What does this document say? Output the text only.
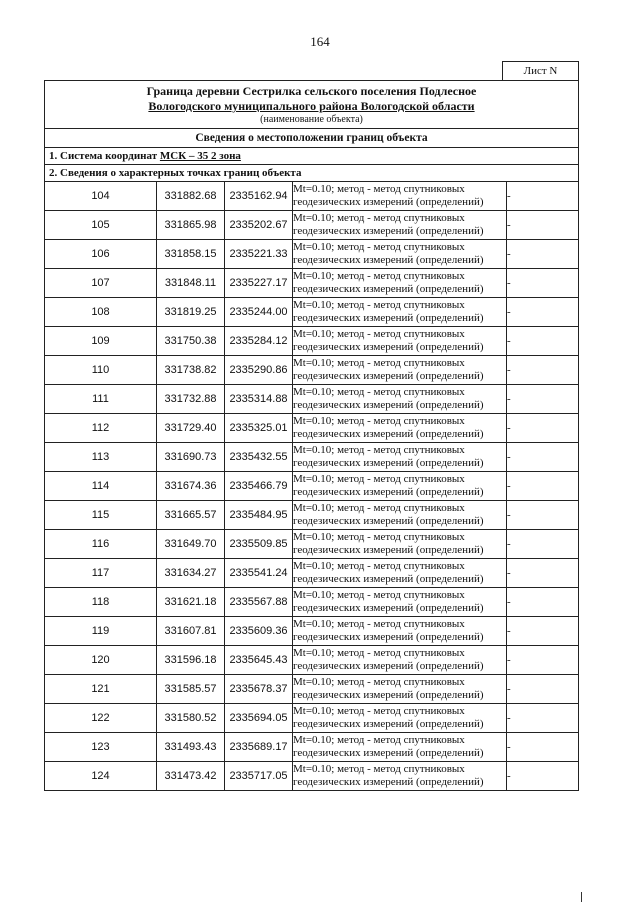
164
Лист N
Граница деревни Сестрилка сельского поселения Подлесное
Вологодского муниципального района Вологодской области
(наименование объекта)
Сведения о местоположении границ объекта
1. Система координат МСК – 35 2 зона
2. Сведения о характерных точках границ объекта
104	331882.68	2335162.94	Mt=0.10; метод - метод спутниковых геодезических измерений (определений)	-
105	331865.98	2335202.67	Mt=0.10; метод - метод спутниковых геодезических измерений (определений)	-
106	331858.15	2335221.33	Mt=0.10; метод - метод спутниковых геодезических измерений (определений)	-
107	331848.11	2335227.17	Mt=0.10; метод - метод спутниковых геодезических измерений (определений)	-
108	331819.25	2335244.00	Mt=0.10; метод - метод спутниковых геодезических измерений (определений)	-
109	331750.38	2335284.12	Mt=0.10; метод - метод спутниковых геодезических измерений (определений)	-
110	331738.82	2335290.86	Mt=0.10; метод - метод спутниковых геодезических измерений (определений)	-
111	331732.88	2335314.88	Mt=0.10; метод - метод спутниковых геодезических измерений (определений)	-
112	331729.40	2335325.01	Mt=0.10; метод - метод спутниковых геодезических измерений (определений)	-
113	331690.73	2335432.55	Mt=0.10; метод - метод спутниковых геодезических измерений (определений)	-
114	331674.36	2335466.79	Mt=0.10; метод - метод спутниковых геодезических измерений (определений)	-
115	331665.57	2335484.95	Mt=0.10; метод - метод спутниковых геодезических измерений (определений)	-
116	331649.70	2335509.85	Mt=0.10; метод - метод спутниковых геодезических измерений (определений)	-
117	331634.27	2335541.24	Mt=0.10; метод - метод спутниковых геодезических измерений (определений)	-
118	331621.18	2335567.88	Mt=0.10; метод - метод спутниковых геодезических измерений (определений)	-
119	331607.81	2335609.36	Mt=0.10; метод - метод спутниковых геодезических измерений (определений)	-
120	331596.18	2335645.43	Mt=0.10; метод - метод спутниковых геодезических измерений (определений)	-
121	331585.57	2335678.37	Mt=0.10; метод - метод спутниковых геодезических измерений (определений)	-
122	331580.52	2335694.05	Mt=0.10; метод - метод спутниковых геодезических измерений (определений)	-
123	331493.43	2335689.17	Mt=0.10; метод - метод спутниковых геодезических измерений (определений)	-
124	331473.42	2335717.05	Mt=0.10; метод - метод спутниковых геодезических измерений (определений)	-
